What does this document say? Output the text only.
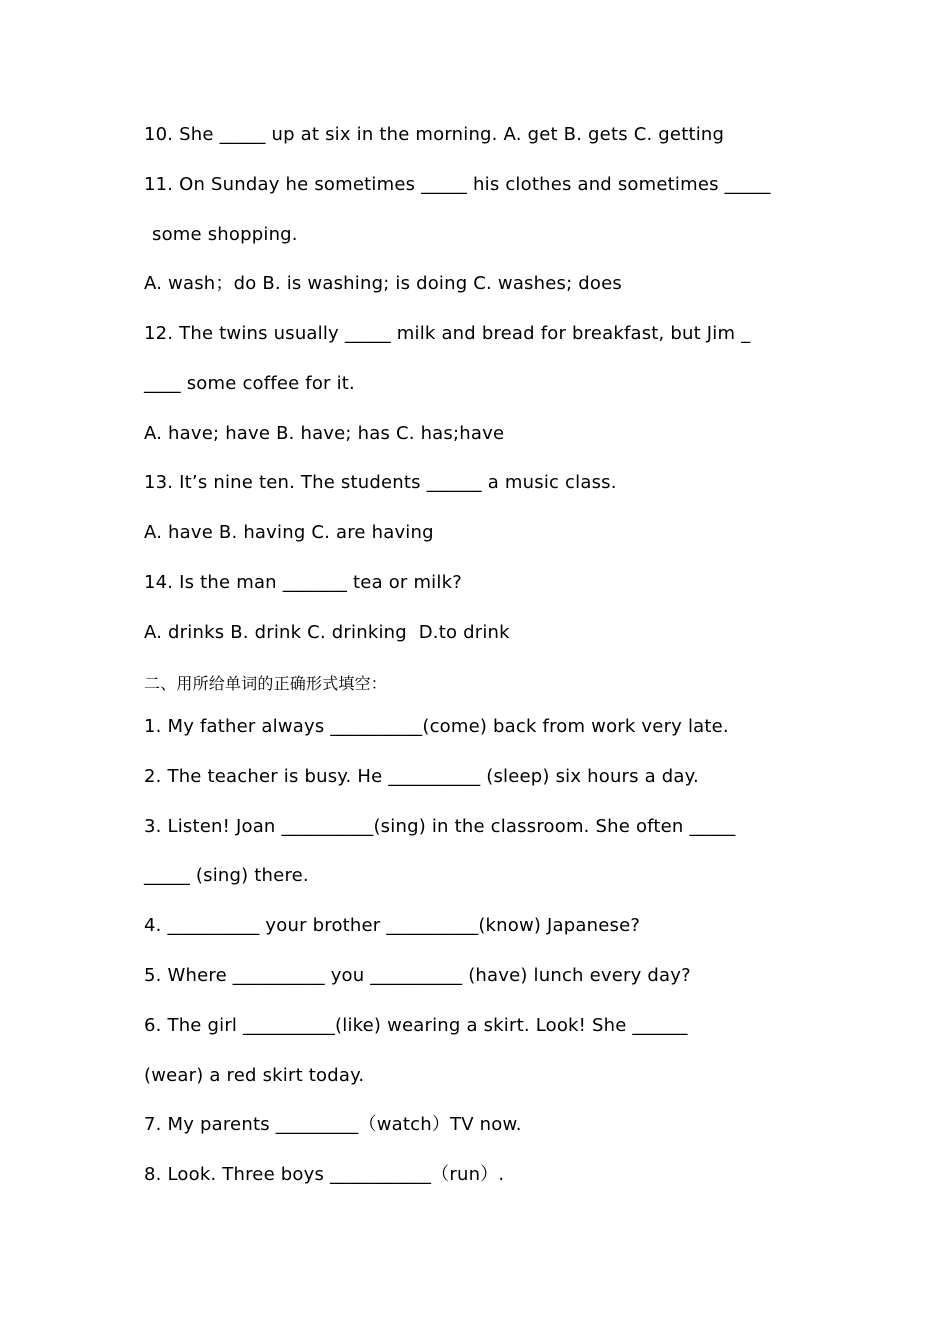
10. She _____ up at six in the morning. A. get B. gets C. getting
11. On Sunday he sometimes _____ his clothes and sometimes _____
some shopping.
A. wash；do B. is washing; is doing C. washes; does
12. The twins usually _____ milk and bread for breakfast, but Jim _
____ some coffee for it.
A. have; have B. have; has C. has;have
13. It’s nine ten. The students ______ a music class.
A. have B. having C. are having
14. Is the man _______ tea or milk?
A. drinks B. drink C. drinking  D.to drink
二、用所给单词的正确形式填空：
1. My father always __________(come) back from work very late.
2. The teacher is busy. He __________ (sleep) six hours a day.
3. Listen! Joan __________(sing) in the classroom. She often _____
_____ (sing) there.
4. __________ your brother __________(know) Japanese?
5. Where __________ you __________ (have) lunch every day?
6. The girl __________(like) wearing a skirt. Look! She ______
(wear) a red skirt today.
7. My parents _________（watch）TV now.
8. Look. Three boys ___________（run）.
